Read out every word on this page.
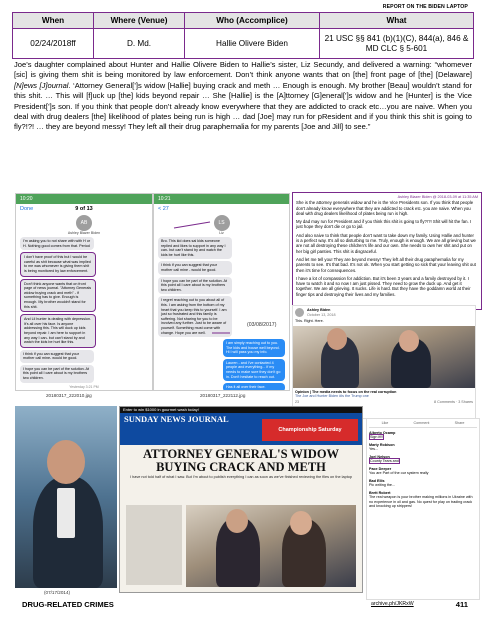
REPORT ON THE BIDEN LAPTOP
When	Where (Venue)	Who (Accomplice)	What
02/24/2018ff	D. Md.	Hallie Olivere Biden	21 USC §§ 841 (b)(1)(C), 844(a), 846 & MD CLC § 5-601
Joe’s daughter complained about Hunter and Hallie Olivere Biden to Hallie’s sister, Liz Secundy, and delivered a warning: “whomever [sic] is giving them shit is being monitored by law enforcement. Don’t think anyone wants that on [the] front page of [the] [Delaware] [N]ews [J]ournal. ‘Attorney General[’]s widow [Hallie] buying crack and meth … Enough is enough. My brother [Beau] wouldn’t stand for this shit. … This will [f]uck up [the] kids beyond repair … She [Hallie] is the [A]ttorney [G]eneral[’]s widow and he [Hunter] is the Vice President[’]s son. If you think that people don’t already know everywhere that they are addicted to crack etc…you are naive. When you deal with drug dealers [the] likelihood of plates being run is high … dad [Joe] may run for pResident and if you think this shit is going to fly?!?! … they are beyond messy! They left all their drug paraphernalia for my parents [Joe and Jill] to see.”
10:20
Done	9 of 13
AB
Ashley Blazer Biden
I'm asking you to not share with with H or H. Nothing good comes from that. Period
I don't have proof of this but I would be careful as shit because what was implied to me was whomever is giving them shit is being monitored by law enforcement.
Don't think anyone wants that on front page of news journal. "Attorney Generals widow buying crack and meth" - if something has to give. Enough is enough. My brother wouldn't stand for this shit.
And Lil hunter is dealing with depression. It's all over his face. Is anyone addressing this. This will duck up kids beyond repair. I am here to support in any way I can- but can't stand by and watch the kids be hurt like this.
I think if you can suggest that your mother call mine- would be good.
I hope you can be part of the solution. At this point all I care about is my brothers two children.
Yesterday 3:21 PM
20180317_222010.jpg
10:21
< 27
LS
Liz
Bro. This kid does sai kids someone replied and likes to support in any way I can- but can't stand by and watch the kids be hurt like this.
I think if you can suggest that your mother call mine - would be good.
I hope you can be part of the solution. At this point all I care about is my brothers two children.
I regret reaching out to you about all of this. I am asking from the bottom of my heart that you keep this to yourself. I am just so frustrated and this family is suffering. Not sharing for you to be involved any further. Just to be aware of yourself. Something must come with change. Hope you are well.
I am simply reaching out to you. The kids and house well beyond. Hi I will pass you my info.
Lauren - and I've contacted 4 people and everything... if my needs to make sure they don't go in. Don't hesitate to reach out.
Has it all over their face.
20180317_222112.jpg
(03/08/2017)
Ashley Blazer Biden @ 2018-03-09 at 11:35 AM

She is the attorney generals widow and he is the Vice Presidents son. If you think that people don't already know everywhere that they are addicted to crack etc. you are naive. When you deal with drug dealers likelihood of plates being run is high.

My dad may run for President and if you think this shit is going to fly?!?! Shit will hit the fan. I just hope they don't die or go to jail.

And also naive to think that people don't want to take down my family. Using Hallie and hunter is a perfect way. It's all so disturbing to me. Truly, enough is enough. We are all grieving but we are not all destroying these children's life and our own. She needs to own her shit and put on her big girl panties. This shit is disgraceful.

And let me tell you! They are beyond messy! They left all their drug paraphernalia for my parents to see. It's that bad. It's not ok. When you start getting so sick that your leaving shit out then it's time for consequences.

I have a lot of compassion for addiction. But it's been 3 years and a family destroyed by it. I have to watch it and so now I am just pissed. They need to grow the duck up. And get it together. We are all grieving. It sucks. Life is hard. But they have the goddamn world at their finger tips and destroying their lives and my families.

Ashley Biden
October 13, 2018
This. Right. Here.
Opinion | The media needs to focus on the real corruption
The Joe and Hunter Biden #Is the Trump one
23	8 Comments · 3 Shares
Like	Comment	Share
Alberto Ocamp
Sign it!!!
Marty Robison
Yes...
Joel Nelson
County Tears and
Pace Deeper
You are Part of the our system really
Bad Ellis
Pic writing the...
Brett Robert
The real weapon is your brother making millions in Ukraine with no experience in oil and gas. No quest for play on trading crack and knocking up strippers!
(07/17/2014)
Enter to win $1000 in gourmet wash today!
SUNDAY NEWS JOURNAL
Championship Saturday
ATTORNEY GENERAL'S WIDOW BUYING CRACK AND METH
I have not told half of what I saw. But I'm about to publish everything I can as soon as we've finished reviewing the files on the laptop
DRUG-RELATED CRIMES	archive.ph/JKRxW	411
